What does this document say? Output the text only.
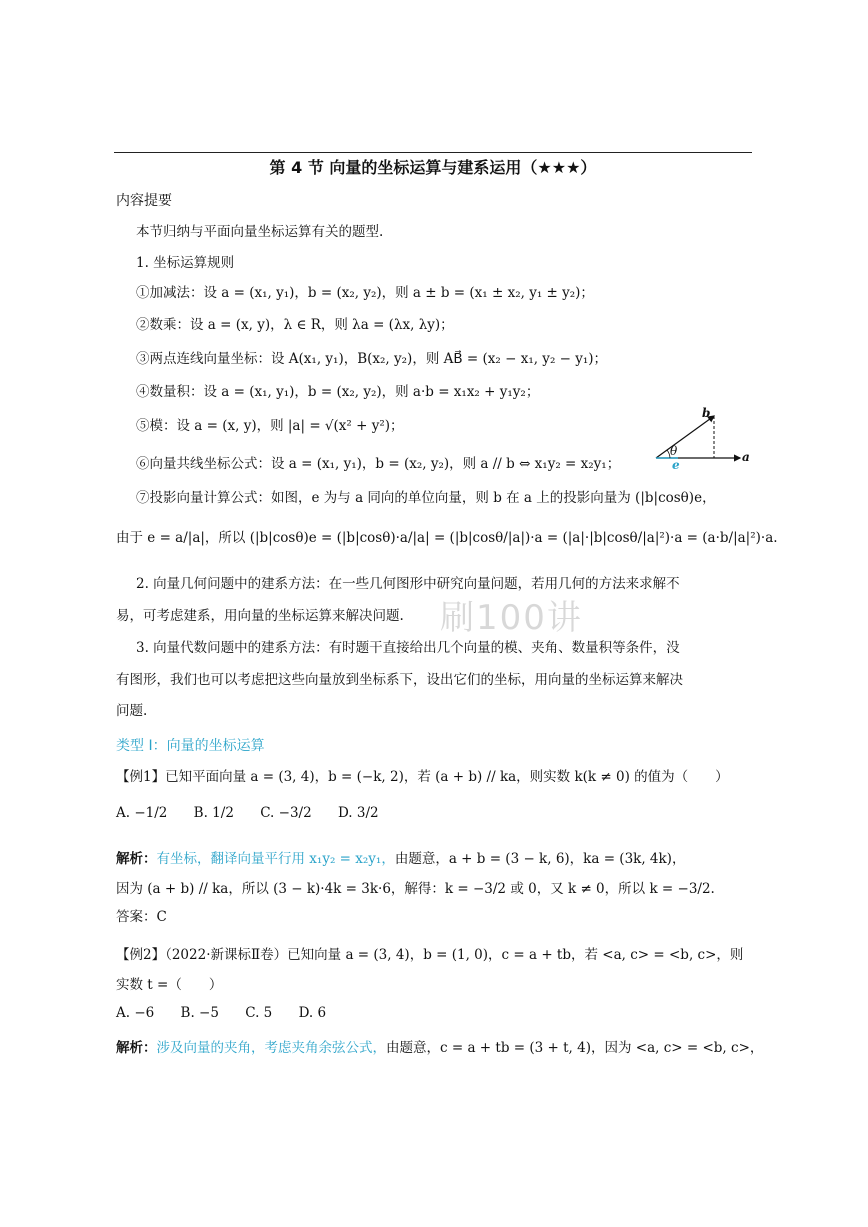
第 4 节 向量的坐标运算与建系运用（★★★）
内容提要
本节归纳与平面向量坐标运算有关的题型.
1. 坐标运算规则
①加减法：设 a = (x₁, y₁)，b = (x₂, y₂)，则 a ± b = (x₁ ± x₂, y₁ ± y₂)；
②数乘：设 a = (x, y)，λ ∈ R，则 λa = (λx, λy)；
③两点连线向量坐标：设 A(x₁, y₁)，B(x₂, y₂)，则 AB⃗ = (x₂ − x₁, y₂ − y₁)；
④数量积：设 a = (x₁, y₁)，b = (x₂, y₂)，则 a·b = x₁x₂ + y₁y₂；
⑤模：设 a = (x, y)，则 |a| = √(x² + y²)；
⑥向量共线坐标公式：设 a = (x₁, y₁)，b = (x₂, y₂)，则 a // b ⇔ x₁y₂ = x₂y₁；
⑦投影向量计算公式：如图，e 为与 a 同向的单位向量，则 b 在 a 上的投影向量为 (|b|cosθ)e，
由于 e = a/|a|，所以 (|b|cosθ)e = (|b|cosθ)·a/|a| = (|b|cosθ/|a|)·a = (|a|·|b|cosθ/|a|²)·a = (a·b/|a|²)·a.
b
θ
e
a
2. 向量几何问题中的建系方法：在一些几何图形中研究向量问题，若用几何的方法来求解不
易，可考虑建系，用向量的坐标运算来解决问题.
3. 向量代数问题中的建系方法：有时题干直接给出几个向量的模、夹角、数量积等条件，没
有图形，我们也可以考虑把这些向量放到坐标系下，设出它们的坐标，用向量的坐标运算来解决
问题.
刷100讲
类型 I：向量的坐标运算
【例1】已知平面向量 a = (3, 4)，b = (−k, 2)，若 (a + b) // ka，则实数 k(k ≠ 0) 的值为（　　）
A. −1/2 B. 1/2 C. −3/2 D. 3/2
解析：有坐标，翻译向量平行用 x₁y₂ = x₂y₁，由题意，a + b = (3 − k, 6)，ka = (3k, 4k)，
因为 (a + b) // ka，所以 (3 − k)·4k = 3k·6，解得：k = −3/2 或 0，又 k ≠ 0，所以 k = −3/2.
答案：C
【例2】（2022·新课标Ⅱ卷）已知向量 a = (3, 4)，b = (1, 0)，c = a + tb，若 <a, c> = <b, c>，则
实数 t =（　　）
A. −6 B. −5 C. 5 D. 6
解析：涉及向量的夹角，考虑夹角余弦公式，由题意，c = a + tb = (3 + t, 4)，因为 <a, c> = <b, c>，
